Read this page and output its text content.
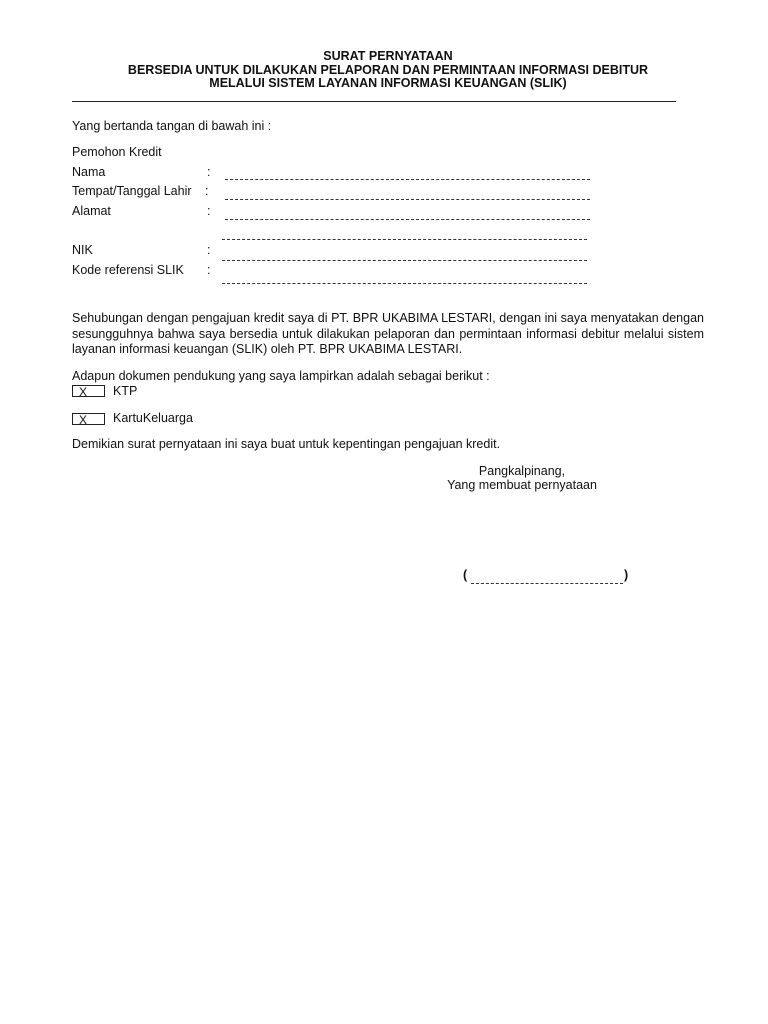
SURAT PERNYATAAN
BERSEDIA UNTUK DILAKUKAN PELAPORAN DAN PERMINTAAN INFORMASI DEBITUR
MELALUI SISTEM LAYANAN INFORMASI KEUANGAN (SLIK)
Yang bertanda tangan di bawah ini :
Pemohon Kredit
Nama	:
Tempat/Tanggal Lahir :
Alamat	:
NIK	:
Kode referensi SLIK :
Sehubungan dengan pengajuan kredit saya di PT. BPR UKABIMA LESTARI, dengan ini saya menyatakan dengan sesungguhnya bahwa saya bersedia untuk dilakukan pelaporan dan permintaan informasi debitur melalui sistem layanan informasi keuangan (SLIK) oleh PT. BPR UKABIMA LESTARI.
Adapun dokumen pendukung yang saya lampirkan adalah sebagai berikut :
X	KTP
X	KartuKeluarga
Demikian surat pernyataan ini saya buat untuk kepentingan pengajuan kredit.
Pangkalpinang,
Yang membuat pernyataan
(	)
